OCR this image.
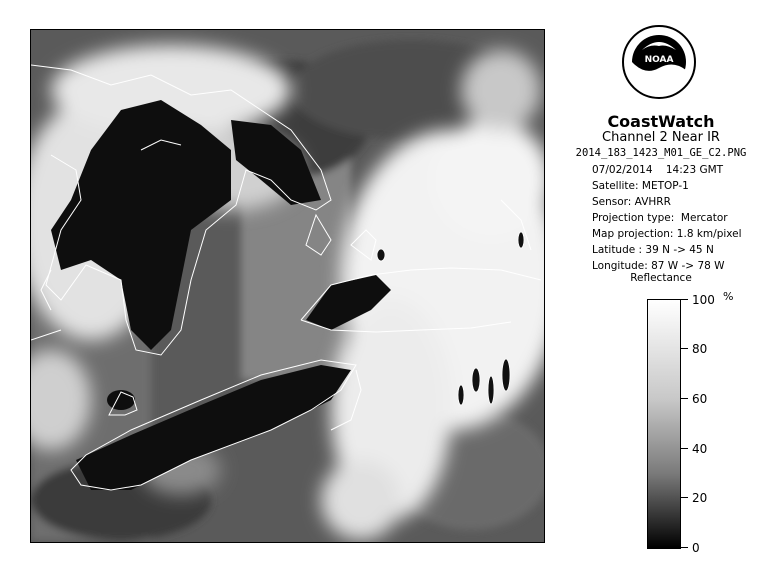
NOAA
CoastWatch
Channel 2 Near IR
2014_183_1423_M01_GE_C2.PNG
07/02/2014    14:23 GMT
Satellite: METOP-1
Sensor: AVHRR
Projection type:  Mercator
Map projection: 1.8 km/pixel
Latitude : 39 N -> 45 N
Longitude: 87 W -> 78 W
Reflectance
%
100
80
60
40
20
0
